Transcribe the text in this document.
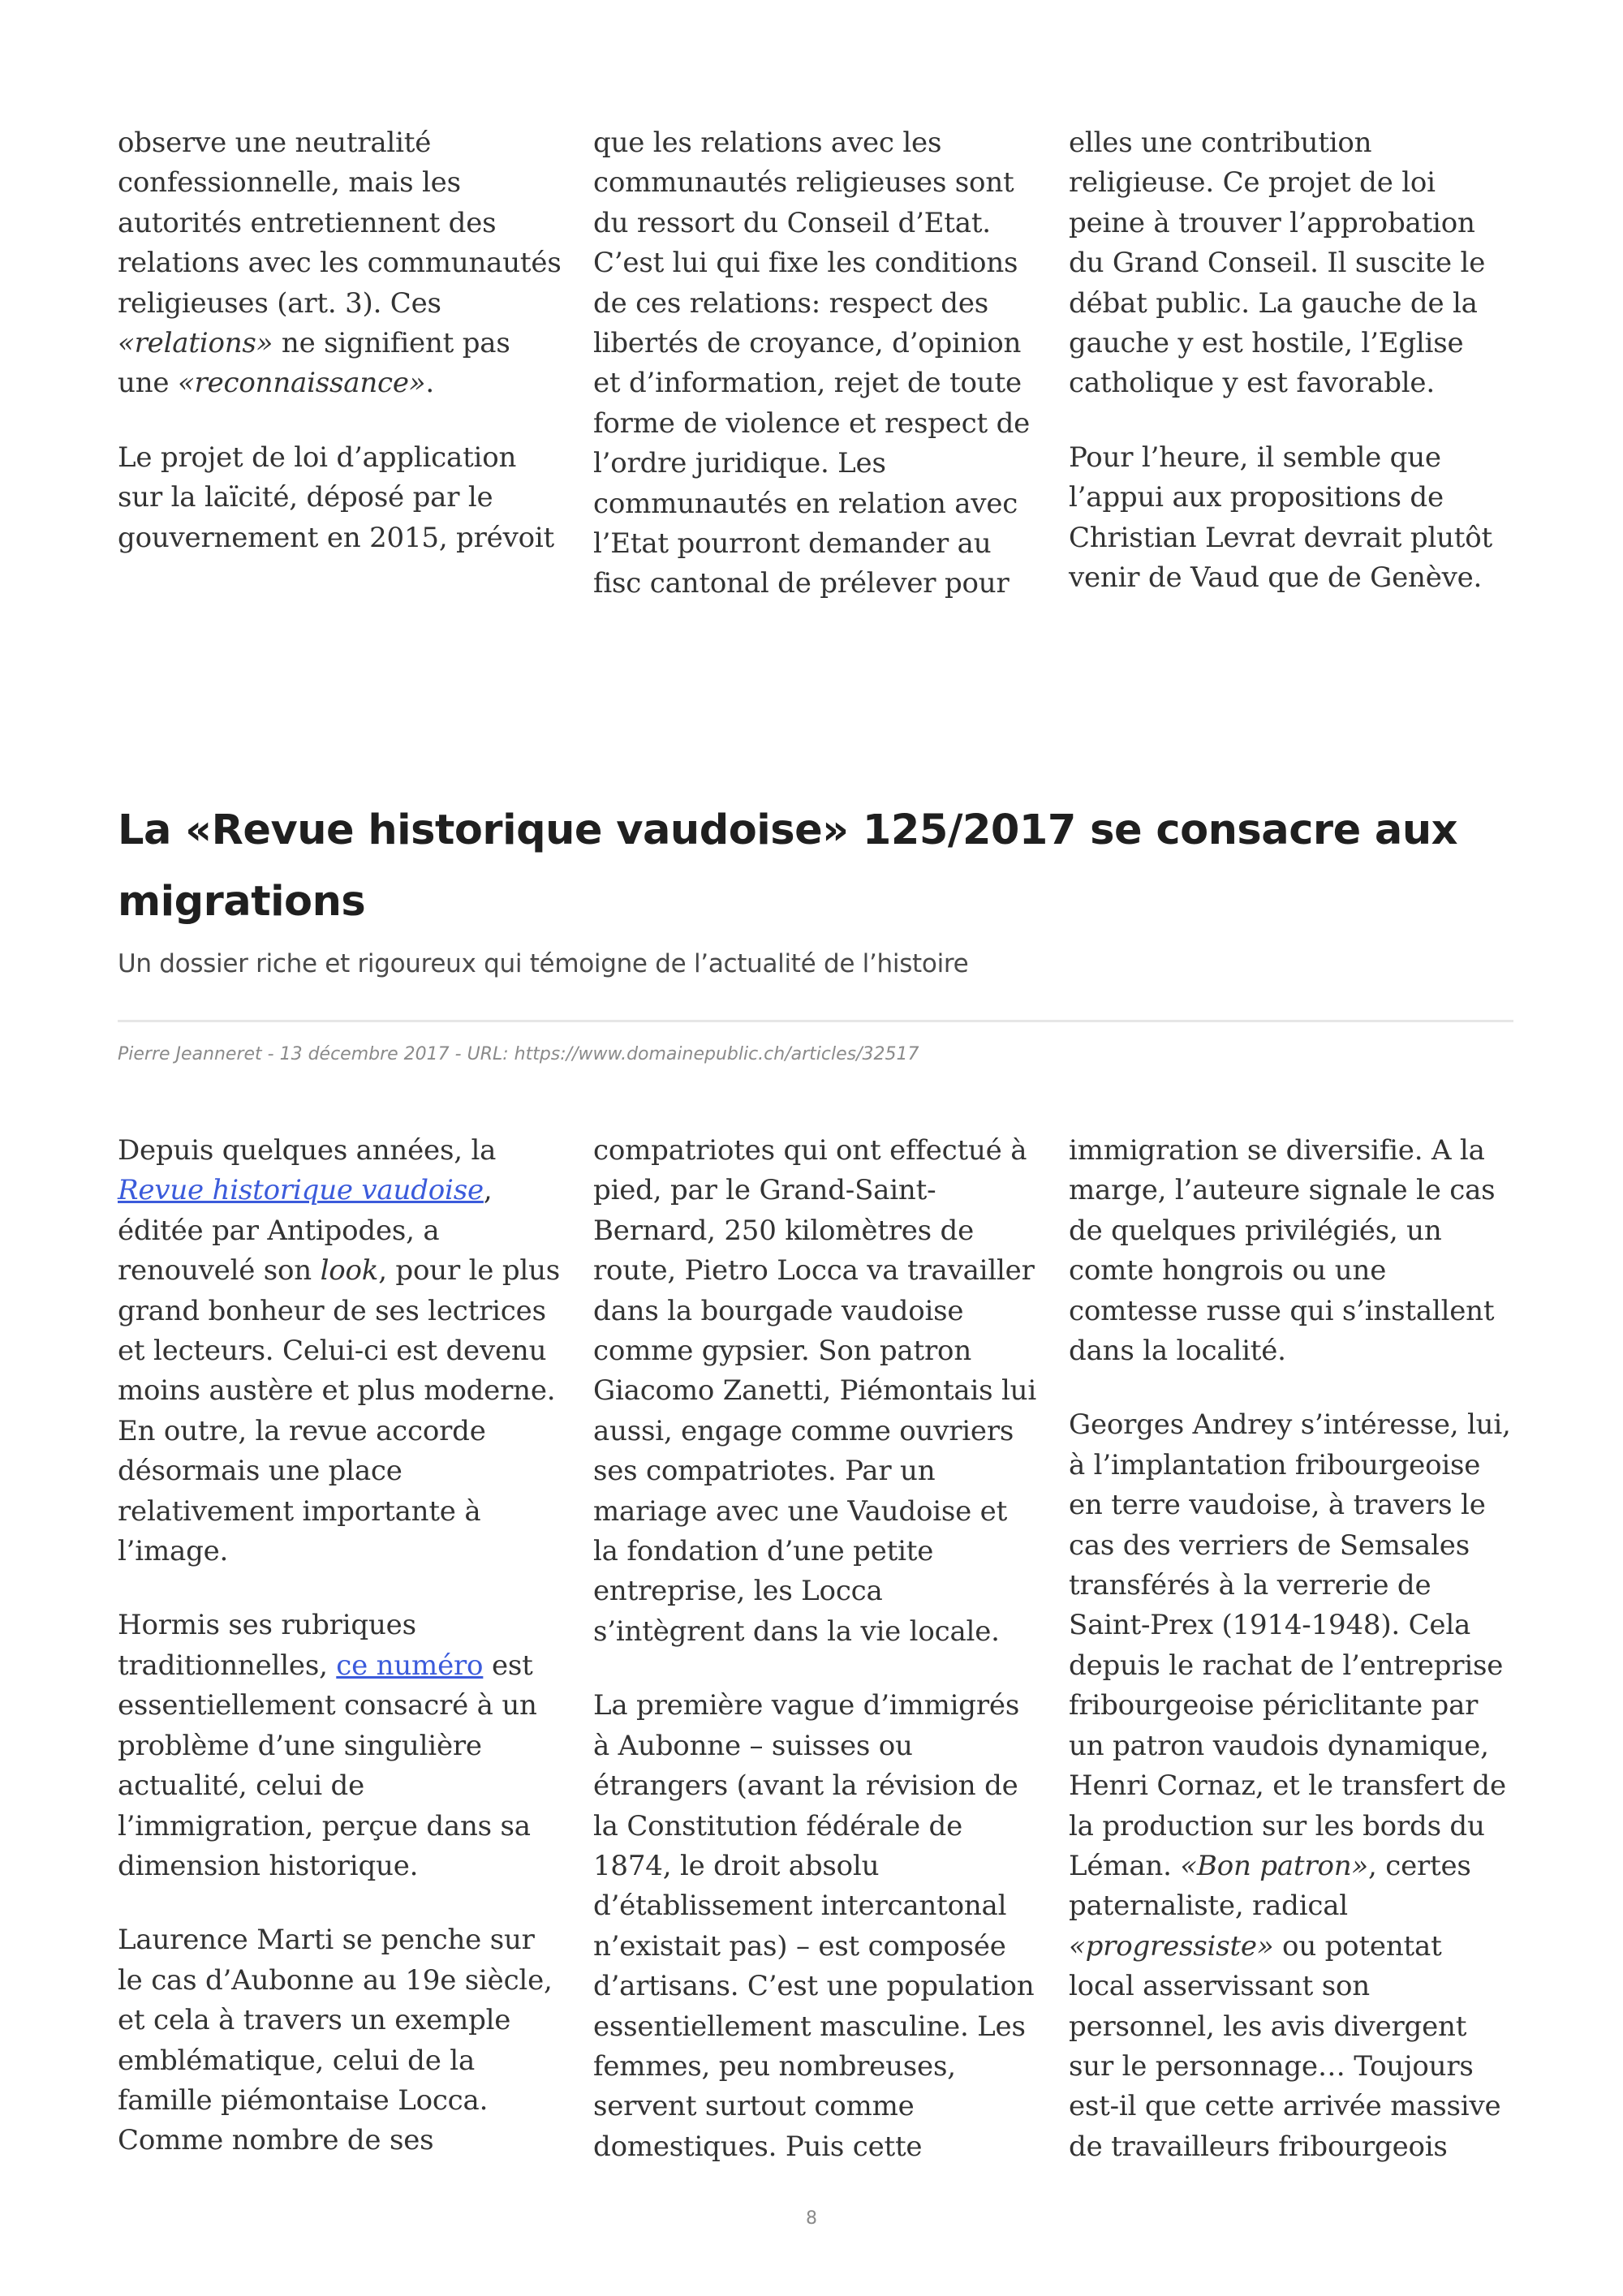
observe une neutralité confessionnelle, mais les autorités entretiennent des relations avec les communautés religieuses (art. 3). Ces «relations» ne signifient pas une «reconnaissance».

Le projet de loi d’application sur la laïcité, déposé par le gouvernement en 2015, prévoit

que les relations avec les communautés religieuses sont du ressort du Conseil d’Etat. C’est lui qui fixe les conditions de ces relations: respect des libertés de croyance, d’opinion et d’information, rejet de toute forme de violence et respect de l’ordre juridique. Les communautés en relation avec l’Etat pourront demander au fisc cantonal de prélever pour

elles une contribution religieuse. Ce projet de loi peine à trouver l’approbation du Grand Conseil. Il suscite le débat public. La gauche de la gauche y est hostile, l’Eglise catholique y est favorable.

Pour l’heure, il semble que l’appui aux propositions de Christian Levrat devrait plutôt venir de Vaud que de Genève.

La «Revue historique vaudoise» 125/2017 se consacre aux migrations
Un dossier riche et rigoureux qui témoigne de l’actualité de l’histoire
Pierre Jeanneret - 13 décembre 2017 - URL: https://www.domainepublic.ch/articles/32517

Depuis quelques années, la Revue historique vaudoise, éditée par Antipodes, a renouvelé son look, pour le plus grand bonheur de ses lectrices et lecteurs. Celui-ci est devenu moins austère et plus moderne. En outre, la revue accorde désormais une place relativement importante à l’image.

Hormis ses rubriques traditionnelles, ce numéro est essentiellement consacré à un problème d’une singulière actualité, celui de l’immigration, perçue dans sa dimension historique.

Laurence Marti se penche sur le cas d’Aubonne au 19e siècle, et cela à travers un exemple emblématique, celui de la famille piémontaise Locca. Comme nombre de ses

compatriotes qui ont effectué à pied, par le Grand-Saint-Bernard, 250 kilomètres de route, Pietro Locca va travailler dans la bourgade vaudoise comme gypsier. Son patron Giacomo Zanetti, Piémontais lui aussi, engage comme ouvriers ses compatriotes. Par un mariage avec une Vaudoise et la fondation d’une petite entreprise, les Locca s’intègrent dans la vie locale.

La première vague d’immigrés à Aubonne – suisses ou étrangers (avant la révision de la Constitution fédérale de 1874, le droit absolu d’établissement intercantonal n’existait pas) – est composée d’artisans. C’est une population essentiellement masculine. Les femmes, peu nombreuses, servent surtout comme domestiques. Puis cette

immigration se diversifie. A la marge, l’auteure signale le cas de quelques privilégiés, un comte hongrois ou une comtesse russe qui s’installent dans la localité.

Georges Andrey s’intéresse, lui, à l’implantation fribourgeoise en terre vaudoise, à travers le cas des verriers de Semsales transférés à la verrerie de Saint-Prex (1914-1948). Cela depuis le rachat de l’entreprise fribourgeoise périclitante par un patron vaudois dynamique, Henri Cornaz, et le transfert de la production sur les bords du Léman. «Bon patron», certes paternaliste, radical «progressiste» ou potentat local asservissant son personnel, les avis divergent sur le personnage… Toujours est-il que cette arrivée massive de travailleurs fribourgeois

8
